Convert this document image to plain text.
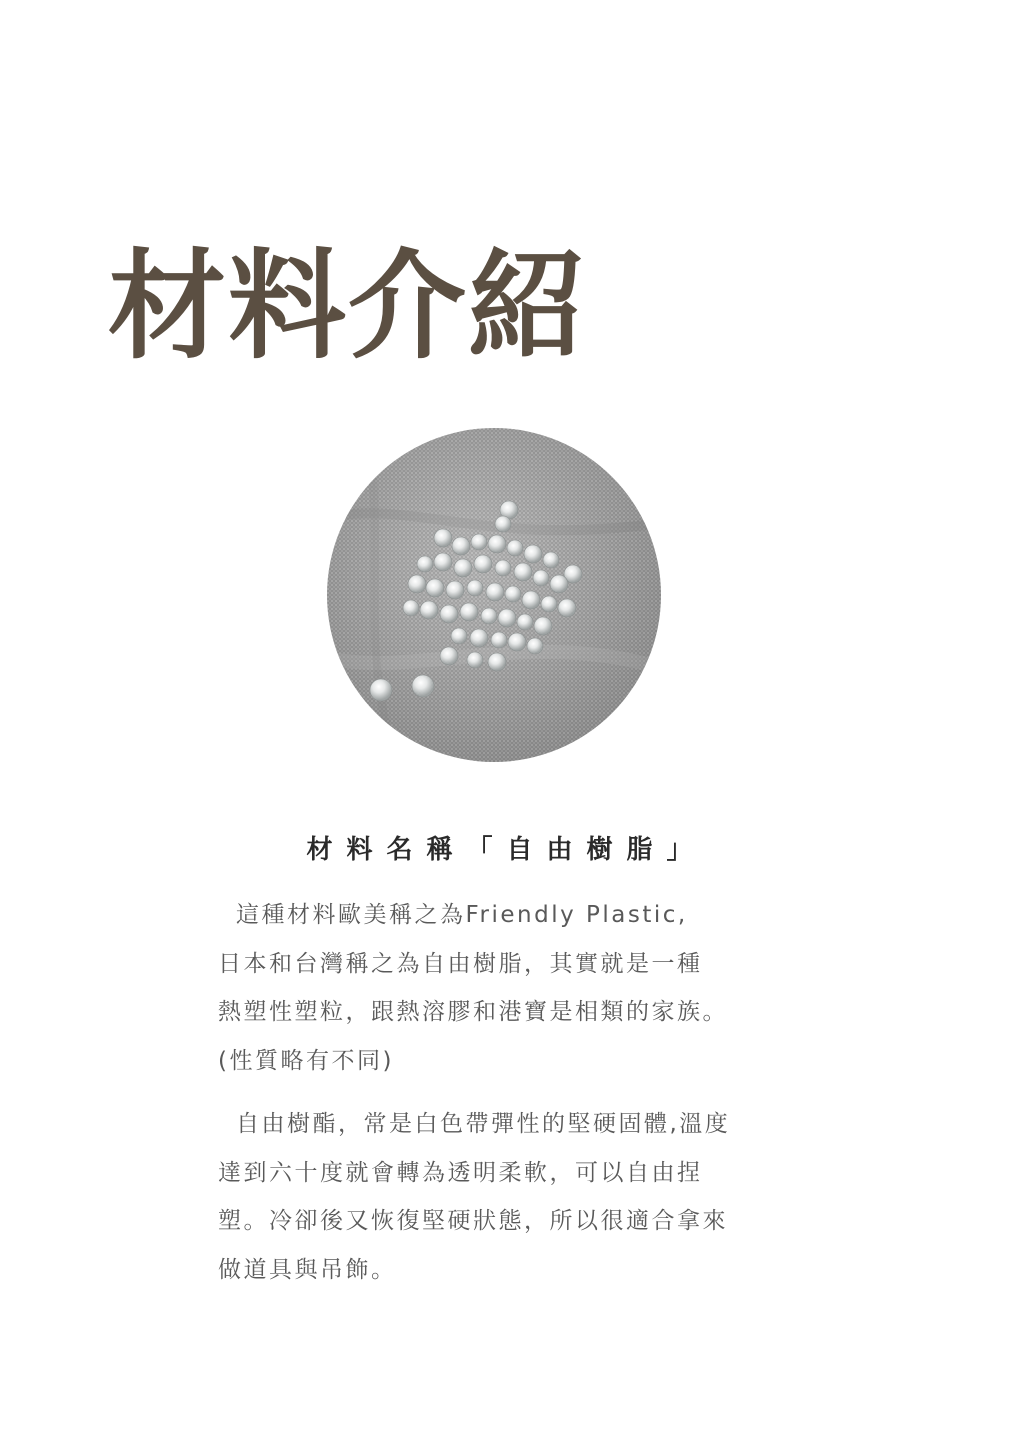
材料介紹
材料名稱「自由樹脂」
這種材料歐美稱之為Friendly Plastic,
日本和台灣稱之為自由樹脂，其實就是一種
熱塑性塑粒，跟熱溶膠和港寶是相類的家族。
(性質略有不同)
自由樹酯，常是白色帶彈性的堅硬固體,溫度
達到六十度就會轉為透明柔軟，可以自由捏
塑。冷卻後又恢復堅硬狀態，所以很適合拿來
做道具與吊飾。
